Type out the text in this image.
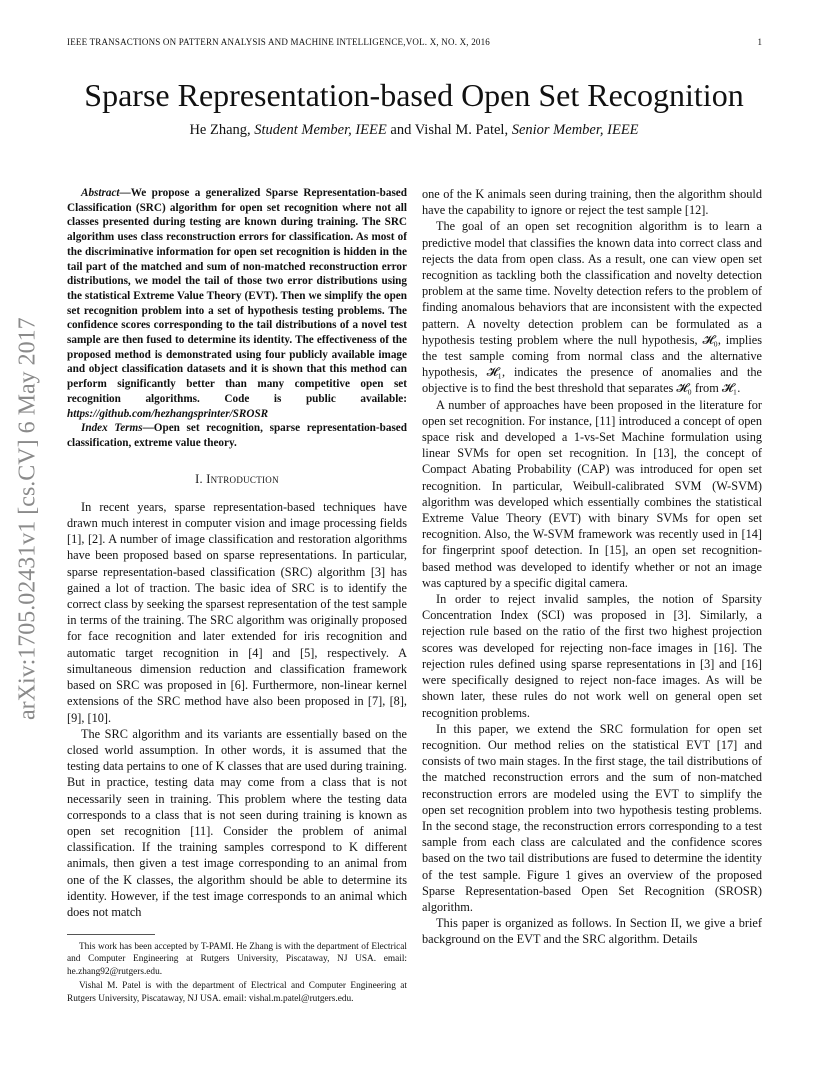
IEEE TRANSACTIONS ON PATTERN ANALYSIS AND MACHINE INTELLIGENCE,VOL. X, NO. X, 2016	1
Sparse Representation-based Open Set Recognition
He Zhang, Student Member, IEEE and Vishal M. Patel, Senior Member, IEEE
arXiv:1705.02431v1 [cs.CV] 6 May 2017

Abstract—We propose a generalized Sparse Representation-based Classification (SRC) algorithm for open set recognition where not all classes presented during testing are known during training. The SRC algorithm uses class reconstruction errors for classification. As most of the discriminative information for open set recognition is hidden in the tail part of the matched and sum of non-matched reconstruction error distributions, we model the tail of those two error distributions using the statistical Extreme Value Theory (EVT). Then we simplify the open set recognition problem into a set of hypothesis testing problems. The confidence scores corresponding to the tail distributions of a novel test sample are then fused to determine its identity. The effectiveness of the proposed method is demonstrated using four publicly available image and object classification datasets and it is shown that this method can perform significantly better than many competitive open set recognition algorithms. Code is public available: https://github.com/hezhangsprinter/SROSR

Index Terms—Open set recognition, sparse representation-based classification, extreme value theory.

I. Introduction

In recent years, sparse representation-based techniques have drawn much interest in computer vision and image processing fields [1], [2]. A number of image classification and restoration algorithms have been proposed based on sparse representations. In particular, sparse representation-based classification (SRC) algorithm [3] has gained a lot of traction. The basic idea of SRC is to identify the correct class by seeking the sparsest representation of the test sample in terms of the training. The SRC algorithm was originally proposed for face recognition and later extended for iris recognition and automatic target recognition in [4] and [5], respectively. A simultaneous dimension reduction and classification framework based on SRC was proposed in [6]. Furthermore, non-linear kernel extensions of the SRC method have also been proposed in [7], [8], [9], [10].

The SRC algorithm and its variants are essentially based on the closed world assumption. In other words, it is assumed that the testing data pertains to one of K classes that are used during training. But in practice, testing data may come from a class that is not necessarily seen in training. This problem where the testing data corresponds to a class that is not seen during training is known as open set recognition [11]. Consider the problem of animal classification. If the training samples correspond to K different animals, then given a test image corresponding to an animal from one of the K classes, the algorithm should be able to determine its identity. However, if the test image corresponds to an animal which does not match

one of the K animals seen during training, then the algorithm should have the capability to ignore or reject the test sample [12].

The goal of an open set recognition algorithm is to learn a predictive model that classifies the known data into correct class and rejects the data from open class. As a result, one can view open set recognition as tackling both the classification and novelty detection problem at the same time. Novelty detection refers to the problem of finding anomalous behaviors that are inconsistent with the expected pattern. A novelty detection problem can be formulated as a hypothesis testing problem where the null hypothesis, 𝓗₀, implies the test sample coming from normal class and the alternative hypothesis, 𝓗₁, indicates the presence of anomalies and the objective is to find the best threshold that separates 𝓗₀ from 𝓗₁.

A number of approaches have been proposed in the literature for open set recognition. For instance, [11] introduced a concept of open space risk and developed a 1-vs-Set Machine formulation using linear SVMs for open set recognition. In [13], the concept of Compact Abating Probability (CAP) was introduced for open set recognition. In particular, Weibull-calibrated SVM (W-SVM) algorithm was developed which essentially combines the statistical Extreme Value Theory (EVT) with binary SVMs for open set recognition. Also, the W-SVM framework was recently used in [14] for fingerprint spoof detection. In [15], an open set recognition-based method was developed to identify whether or not an image was captured by a specific digital camera.

In order to reject invalid samples, the notion of Sparsity Concentration Index (SCI) was proposed in [3]. Similarly, a rejection rule based on the ratio of the first two highest projection scores was developed for rejecting non-face images in [16]. The rejection rules defined using sparse representations in [3] and [16] were specifically designed to reject non-face images. As will be shown later, these rules do not work well on general open set recognition problems.

In this paper, we extend the SRC formulation for open set recognition. Our method relies on the statistical EVT [17] and consists of two main stages. In the first stage, the tail distributions of the matched reconstruction errors and the sum of non-matched reconstruction errors are modeled using the EVT to simplify the open set recognition problem into two hypothesis testing problems. In the second stage, the reconstruction errors corresponding to a test sample from each class are calculated and the confidence scores based on the two tail distributions are fused to determine the identity of the test sample. Figure 1 gives an overview of the proposed Sparse Representation-based Open Set Recognition (SROSR) algorithm.

This paper is organized as follows. In Section II, we give a brief background on the EVT and the SRC algorithm. Details

This work has been accepted by T-PAMI. He Zhang is with the department of Electrical and Computer Engineering at Rutgers University, Piscataway, NJ USA. email: he.zhang92@rutgers.edu.

Vishal M. Patel is with the department of Electrical and Computer Engineering at Rutgers University, Piscataway, NJ USA. email: vishal.m.patel@rutgers.edu.
